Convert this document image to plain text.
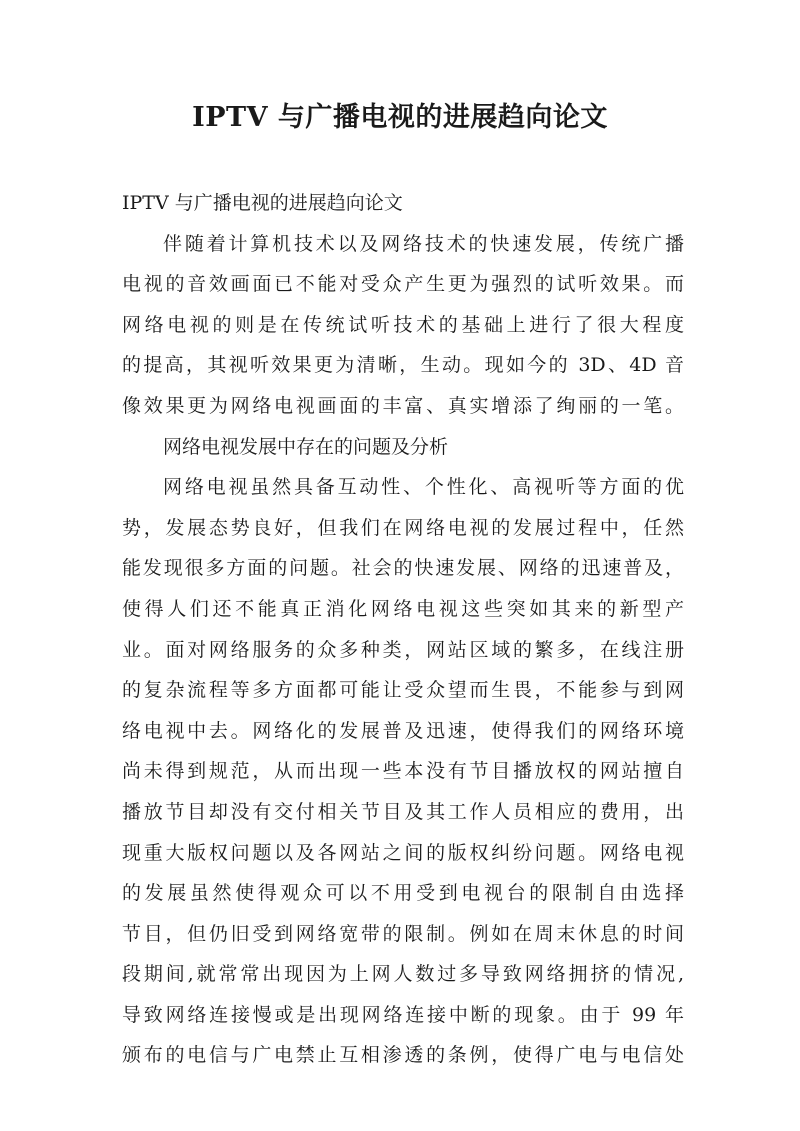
IPTV 与广播电视的进展趋向论文
IPTV 与广播电视的进展趋向论文
伴随着计算机技术以及网络技术的快速发展，传统广播
电视的音效画面已不能对受众产生更为强烈的试听效果。而
网络电视的则是在传统试听技术的基础上进行了很大程度
的提高，其视听效果更为清晰，生动。现如今的 3D、4D 音
像效果更为网络电视画面的丰富、真实增添了绚丽的一笔。
网络电视发展中存在的问题及分析
网络电视虽然具备互动性、个性化、高视听等方面的优
势，发展态势良好，但我们在网络电视的发展过程中，任然
能发现很多方面的问题。社会的快速发展、网络的迅速普及，
使得人们还不能真正消化网络电视这些突如其来的新型产
业。面对网络服务的众多种类，网站区域的繁多，在线注册
的复杂流程等多方面都可能让受众望而生畏，不能参与到网
络电视中去。网络化的发展普及迅速，使得我们的网络环境
尚未得到规范，从而出现一些本没有节目播放权的网站擅自
播放节目却没有交付相关节目及其工作人员相应的费用，出
现重大版权问题以及各网站之间的版权纠纷问题。网络电视
的发展虽然使得观众可以不用受到电视台的限制自由选择
节目，但仍旧受到网络宽带的限制。例如在周末休息的时间
段期间,就常常出现因为上网人数过多导致网络拥挤的情况,
导致网络连接慢或是出现网络连接中断的现象。由于 99 年
颁布的电信与广电禁止互相渗透的条例，使得广电与电信处
